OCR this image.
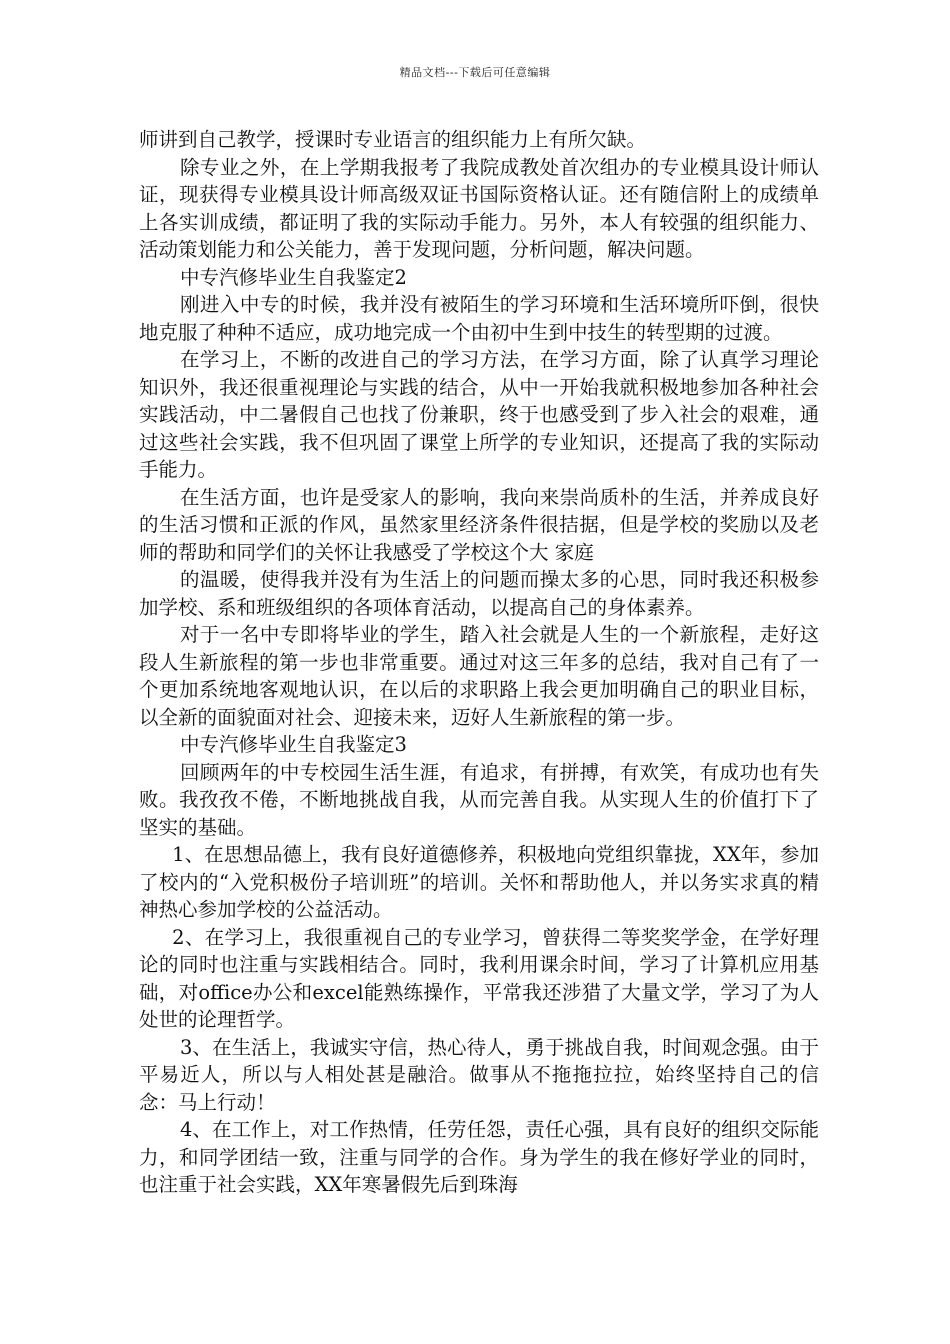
精品文档---下载后可任意编辑

师讲到自己教学，授课时专业语言的组织能力上有所欠缺。

除专业之外，在上学期我报考了我院成教处首次组办的专业模具设计师认证，现获得专业模具设计师高级双证书国际资格认证。还有随信附上的成绩单上各实训成绩，都证明了我的实际动手能力。另外，本人有较强的组织能力、活动策划能力和公关能力，善于发现问题，分析问题，解决问题。

中专汽修毕业生自我鉴定2

刚进入中专的时候，我并没有被陌生的学习环境和生活环境所吓倒，很快地克服了种种不适应，成功地完成一个由初中生到中技生的转型期的过渡。

在学习上，不断的改进自己的学习方法，在学习方面，除了认真学习理论知识外，我还很重视理论与实践的结合，从中一开始我就积极地参加各种社会实践活动，中二暑假自己也找了份兼职，终于也感受到了步入社会的艰难，通过这些社会实践，我不但巩固了课堂上所学的专业知识，还提高了我的实际动手能力。

在生活方面，也许是受家人的影响，我向来崇尚质朴的生活，并养成良好的生活习惯和正派的作风，虽然家里经济条件很拮据，但是学校的奖励以及老师的帮助和同学们的关怀让我感受了学校这个大 家庭

的温暖，使得我并没有为生活上的问题而操太多的心思，同时我还积极参加学校、系和班级组织的各项体育活动，以提高自己的身体素养。

对于一名中专即将毕业的学生，踏入社会就是人生的一个新旅程，走好这段人生新旅程的第一步也非常重要。通过对这三年多的总结，我对自己有了一个更加系统地客观地认识，在以后的求职路上我会更加明确自己的职业目标，以全新的面貌面对社会、迎接未来，迈好人生新旅程的第一步。

中专汽修毕业生自我鉴定3

回顾两年的中专校园生活生涯，有追求，有拼搏，有欢笑，有成功也有失败。我孜孜不倦，不断地挑战自我，从而完善自我。从实现人生的价值打下了坚实的基础。

1、在思想品德上，我有良好道德修养，积极地向党组织靠拢，XX年，参加了校内的“入党积极份子培训班”的培训。关怀和帮助他人，并以务实求真的精神热心参加学校的公益活动。

2、在学习上，我很重视自己的专业学习，曾获得二等奖奖学金，在学好理论的同时也注重与实践相结合。同时，我利用课余时间，学习了计算机应用基础，对office办公和excel能熟练操作，平常我还涉猎了大量文学，学习了为人处世的论理哲学。

3、在生活上，我诚实守信，热心待人，勇于挑战自我，时间观念强。由于平易近人，所以与人相处甚是融洽。做事从不拖拖拉拉，始终坚持自己的信念：马上行动！

4、在工作上，对工作热情，任劳任怨，责任心强，具有良好的组织交际能力，和同学团结一致，注重与同学的合作。身为学生的我在修好学业的同时，也注重于社会实践，XX年寒暑假先后到珠海
